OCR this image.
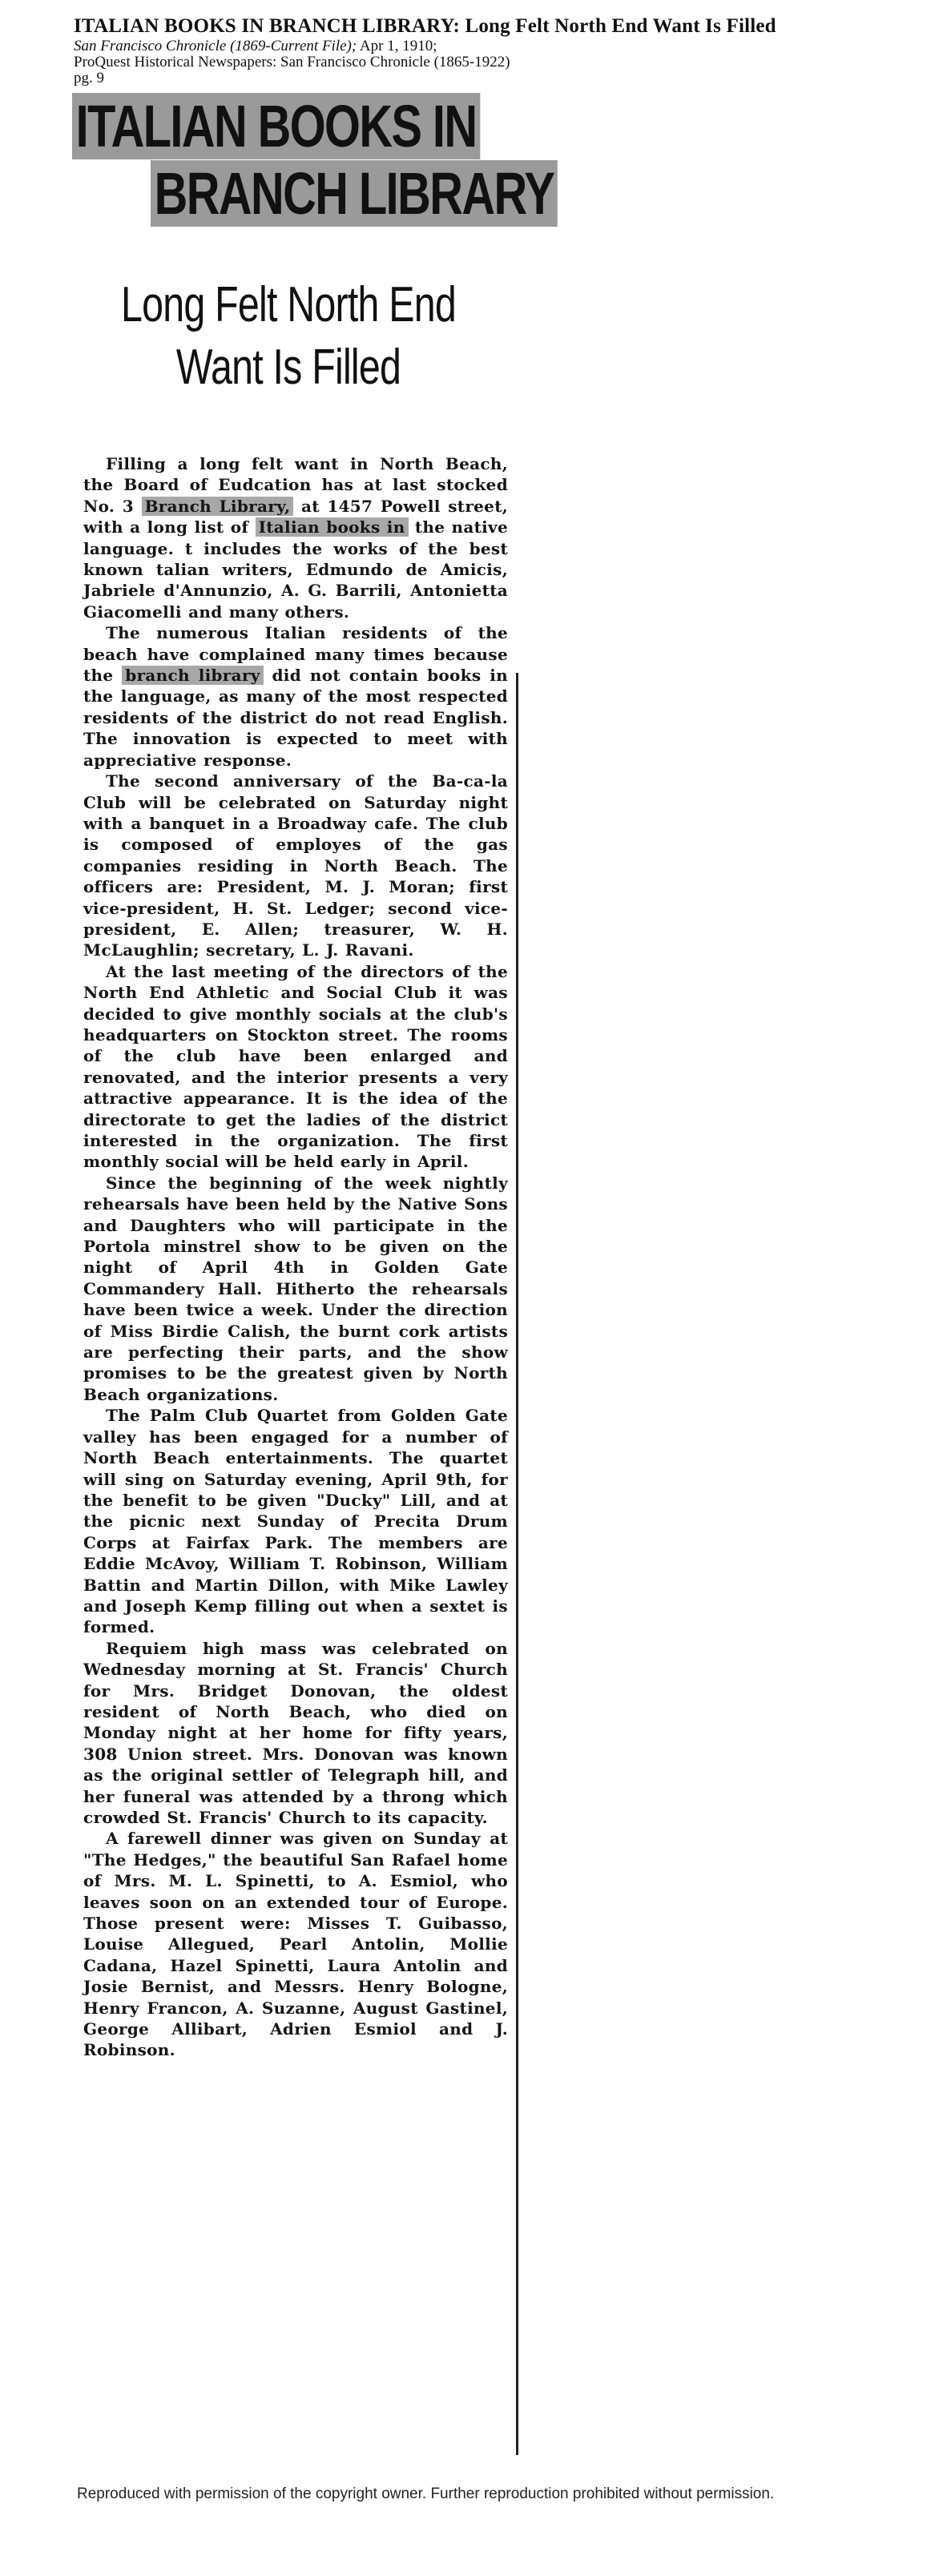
ITALIAN BOOKS IN BRANCH LIBRARY: Long Felt North End Want Is Filled
San Francisco Chronicle (1869-Current File); Apr 1, 1910;
ProQuest Historical Newspapers: San Francisco Chronicle (1865-1922)
pg. 9
ITALIAN BOOKS IN
BRANCH LIBRARY
Long Felt North End
Want Is Filled

Filling a long felt want in North Beach, the Board of Eudcation has at last stocked No. 3 Branch Library, at 1457 Powell street, with a long list of Italian books in the native language. t includes the works of the best known talian writers, Edmundo de Amicis, Jabriele d'Annunzio, A. G. Barrili, Antonietta Giacomelli and many others.

The numerous Italian residents of the beach have complained many times because the branch library did not contain books in the language, as many of the most respected residents of the district do not read English. The innovation is expected to meet with appreciative response.

The second anniversary of the Ba-ca-la Club will be celebrated on Saturday night with a banquet in a Broadway cafe. The club is composed of employes of the gas companies residing in North Beach. The officers are: President, M. J. Moran; first vice-president, H. St. Ledger; second vice-president, E. Allen; treasurer, W. H. McLaughlin; secretary, L. J. Ravani.

At the last meeting of the directors of the North End Athletic and Social Club it was decided to give monthly socials at the club's headquarters on Stockton street. The rooms of the club have been enlarged and renovated, and the interior presents a very attractive appearance. It is the idea of the directorate to get the ladies of the district interested in the organization. The first monthly social will be held early in April.

Since the beginning of the week nightly rehearsals have been held by the Native Sons and Daughters who will participate in the Portola minstrel show to be given on the night of April 4th in Golden Gate Commandery Hall. Hitherto the rehearsals have been twice a week. Under the direction of Miss Birdie Calish, the burnt cork artists are perfecting their parts, and the show promises to be the greatest given by North Beach organizations.

The Palm Club Quartet from Golden Gate valley has been engaged for a number of North Beach entertainments. The quartet will sing on Saturday evening, April 9th, for the benefit to be given "Ducky" Lill, and at the picnic next Sunday of Precita Drum Corps at Fairfax Park. The members are Eddie McAvoy, William T. Robinson, William Battin and Martin Dillon, with Mike Lawley and Joseph Kemp filling out when a sextet is formed.

Requiem high mass was celebrated on Wednesday morning at St. Francis' Church for Mrs. Bridget Donovan, the oldest resident of North Beach, who died on Monday night at her home for fifty years, 308 Union street. Mrs. Donovan was known as the original settler of Telegraph hill, and her funeral was attended by a throng which crowded St. Francis' Church to its capacity.

A farewell dinner was given on Sunday at "The Hedges," the beautiful San Rafael home of Mrs. M. L. Spinetti, to A. Esmiol, who leaves soon on an extended tour of Europe. Those present were: Misses T. Guibasso, Louise Allegued, Pearl Antolin, Mollie Cadana, Hazel Spinetti, Laura Antolin and Josie Bernist, and Messrs. Henry Bologne, Henry Francon, A. Suzanne, August Gastinel, George Allibart, Adrien Esmiol and J. Robinson.

Reproduced with permission of the copyright owner. Further reproduction prohibited without permission.
